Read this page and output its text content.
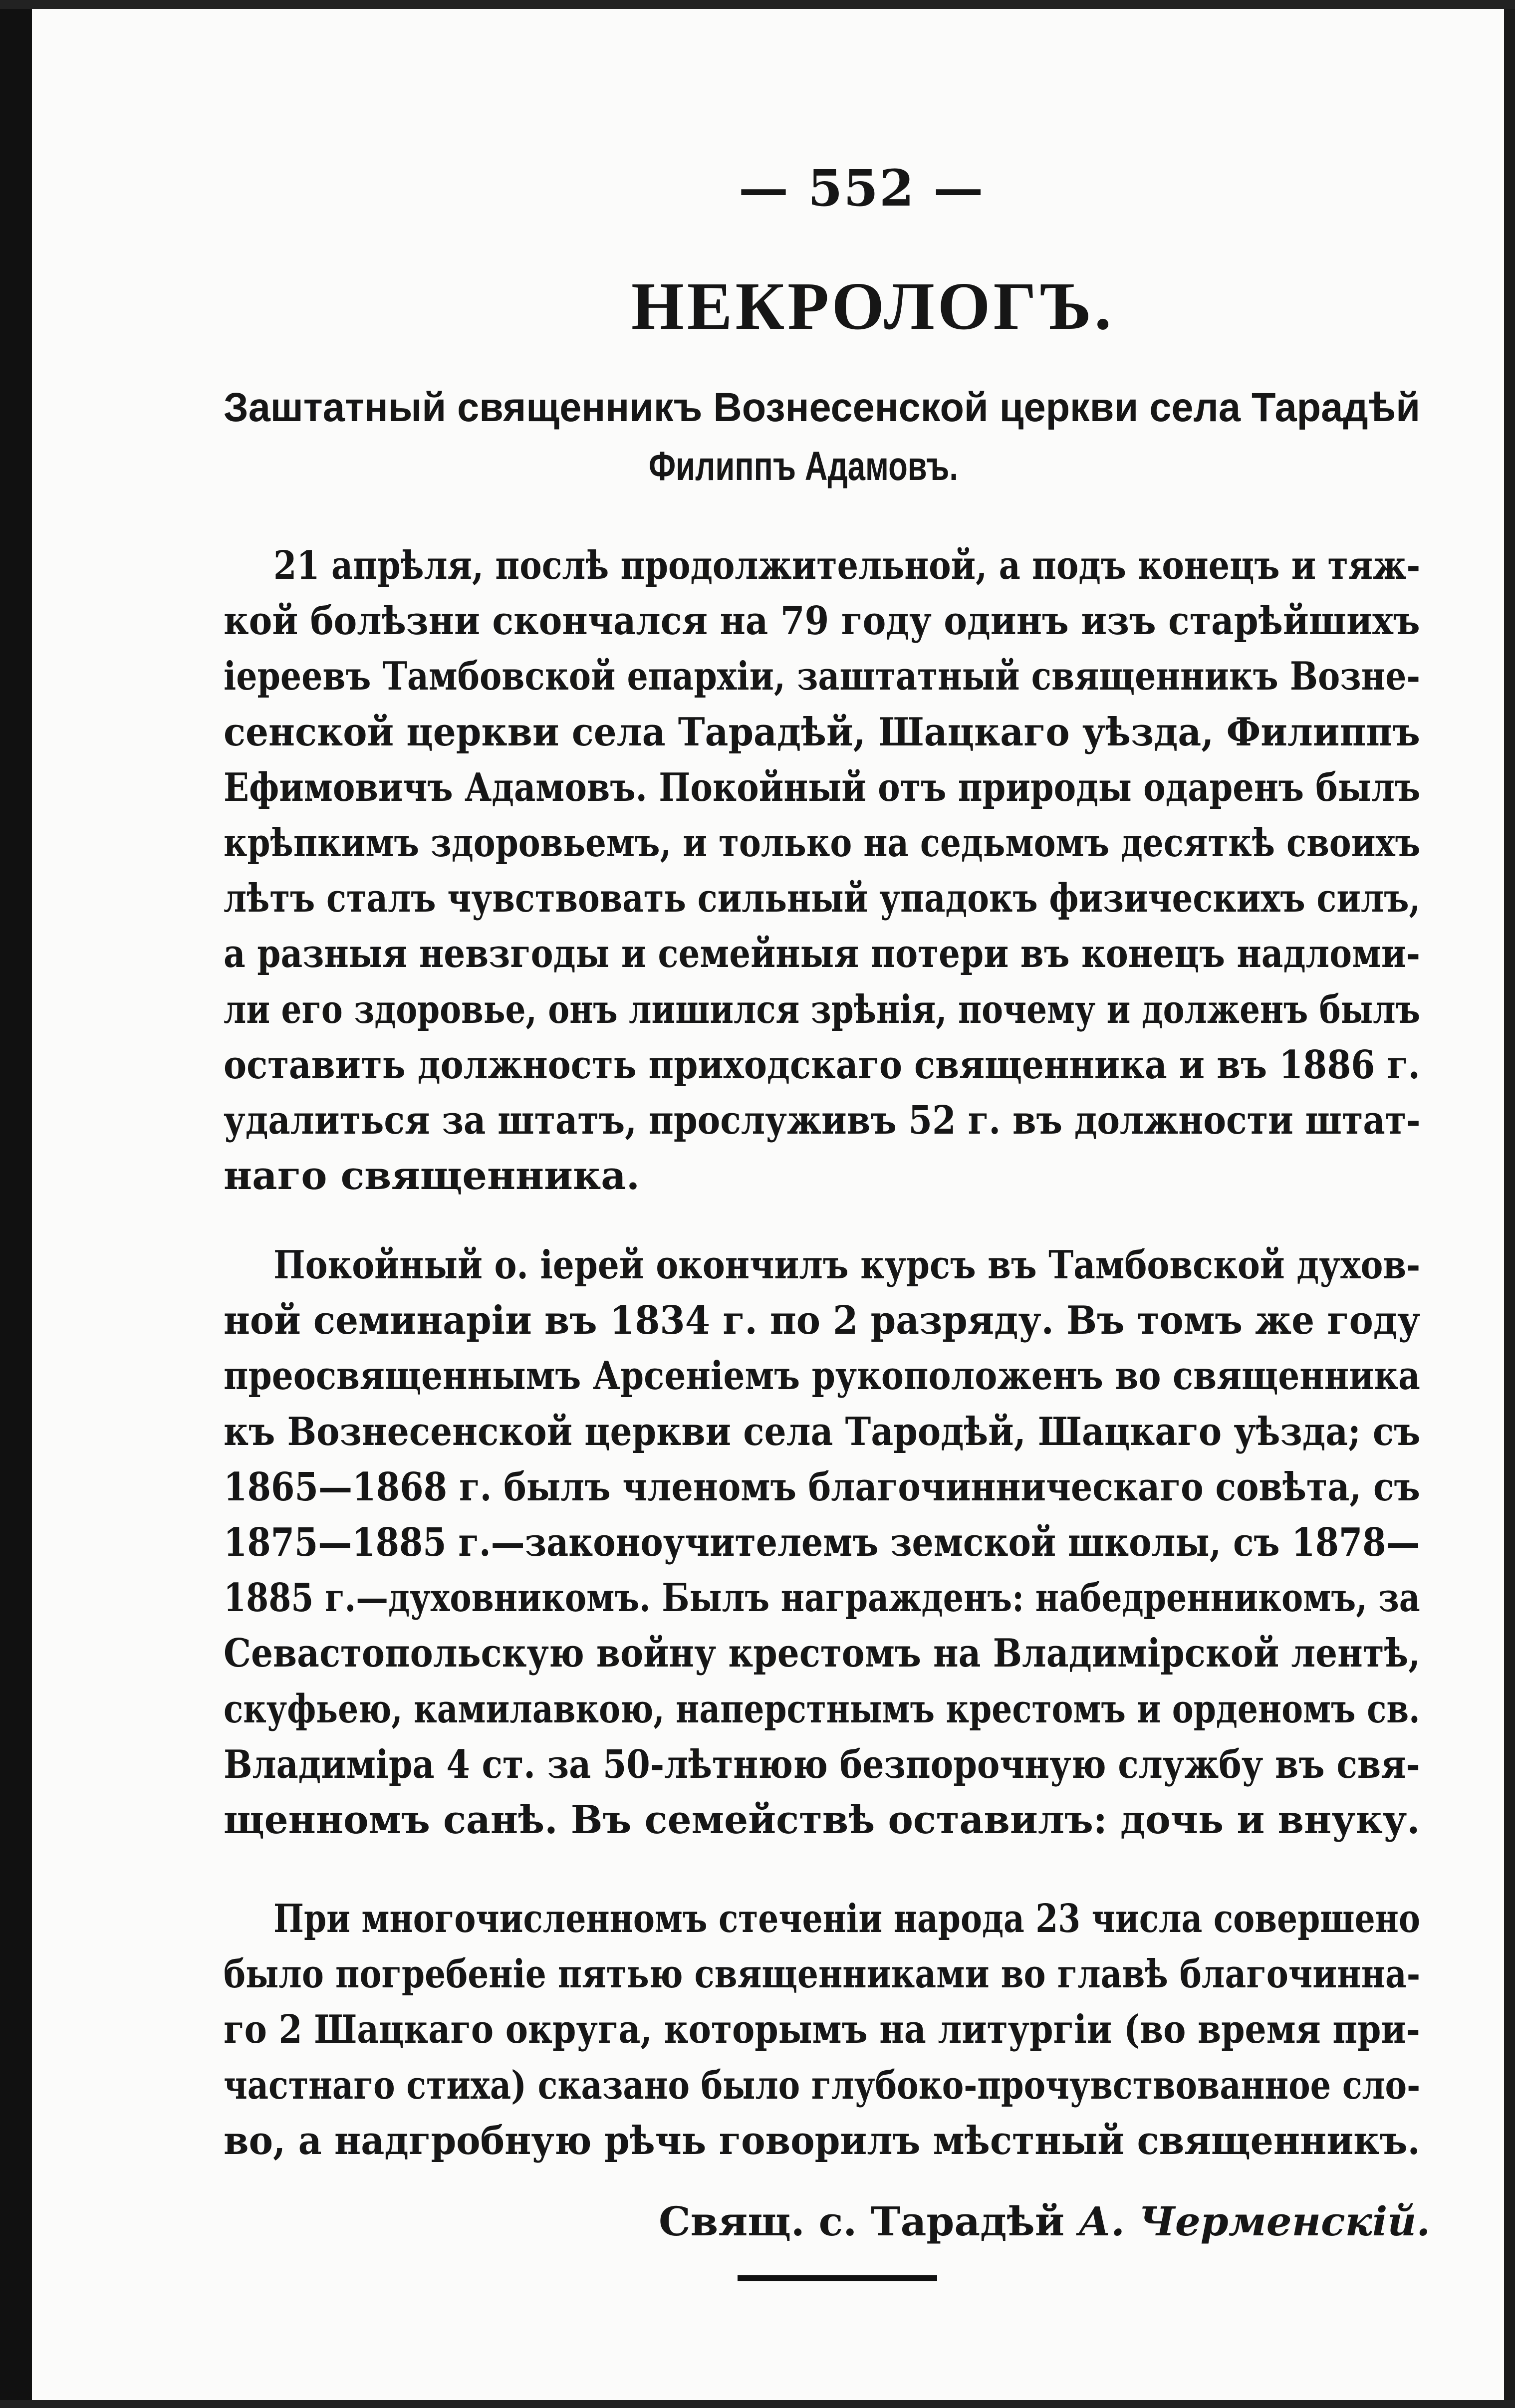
— 552 —
НЕКРОЛОГЪ.
Заштатный священникъ Вознесенской церкви села Тарадѣй
Филиппъ Адамовъ.
21 апрѣля, послѣ продолжительной, а подъ конецъ и тяж-
кой болѣзни скончался на 79 году одинъ изъ старѣйшихъ
iереевъ Тамбовской епархiи, заштатный священникъ Возне-
сенской церкви села Тарадѣй, Шацкаго уѣзда, Филиппъ
Ефимовичъ Адамовъ. Покойный отъ природы одаренъ былъ
крѣпкимъ здоровьемъ, и только на седьмомъ десяткѣ своихъ
лѣтъ сталъ чувствовать сильный упадокъ физическихъ силъ,
а разныя невзгоды и семейныя потери въ конецъ надломи-
ли его здоровье, онъ лишился зрѣнiя, почему и долженъ былъ
оставить должность приходскаго священника и въ 1886 г.
удалиться за штатъ, прослуживъ 52 г. въ должности штат-
наго священника.
Покойный о. iерей окончилъ курсъ въ Тамбовской духов-
ной семинарiи въ 1834 г. по 2 разряду. Въ томъ же году
преосвященнымъ Арсенiемъ рукоположенъ во священника
къ Вознесенской церкви села Тародѣй, Шацкаго уѣзда; съ
1865—1868 г. былъ членомъ благочинническаго совѣта, съ
1875—1885 г.—законоучителемъ земской школы, съ 1878—
1885 г.—духовникомъ. Былъ награжденъ: набедренникомъ, за
Севастопольскую войну крестомъ на Владимiрской лентѣ,
скуфьею, камилавкою, наперстнымъ крестомъ и орденомъ св.
Владимiра 4 ст. за 50-лѣтнюю безпорочную службу въ свя-
щенномъ санѣ. Въ семействѣ оставилъ: дочь и внуку.
При многочисленномъ стеченiи народа 23 числа совершено
было погребенiе пятью священниками во главѣ благочинна-
го 2 Шацкаго округа, которымъ на литургiи (во время при-
частнаго стиха) сказано было глубоко-прочувствованное сло-
во, а надгробную рѣчь говорилъ мѣстный священникъ.
Свящ. с. Тарадѣй А. Черменскiй.
